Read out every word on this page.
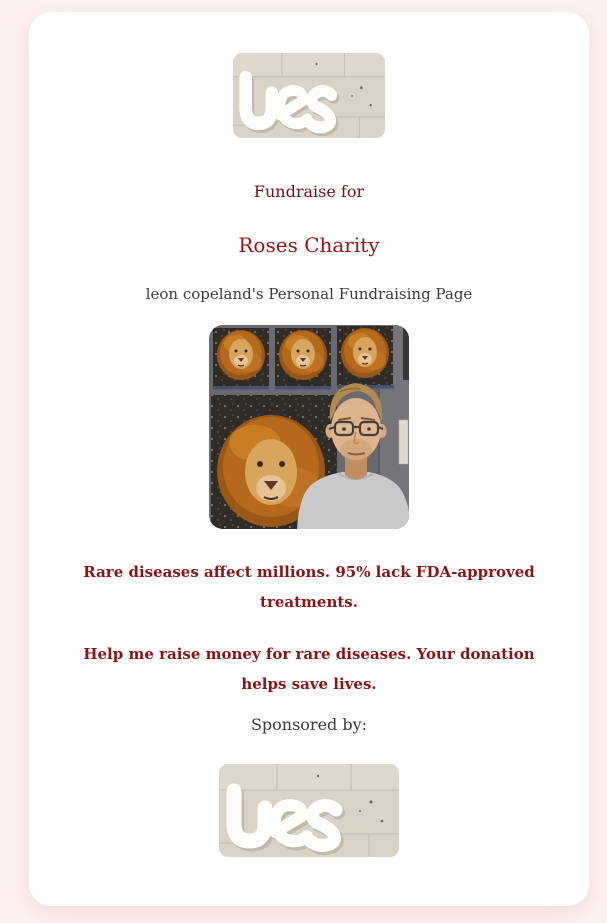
Fundraise for

Roses Charity

leon copeland's Personal Fundraising Page

Rare diseases affect millions. 95% lack FDA-approved treatments.

Help me raise money for rare diseases. Your donation helps save lives.

Sponsored by:
